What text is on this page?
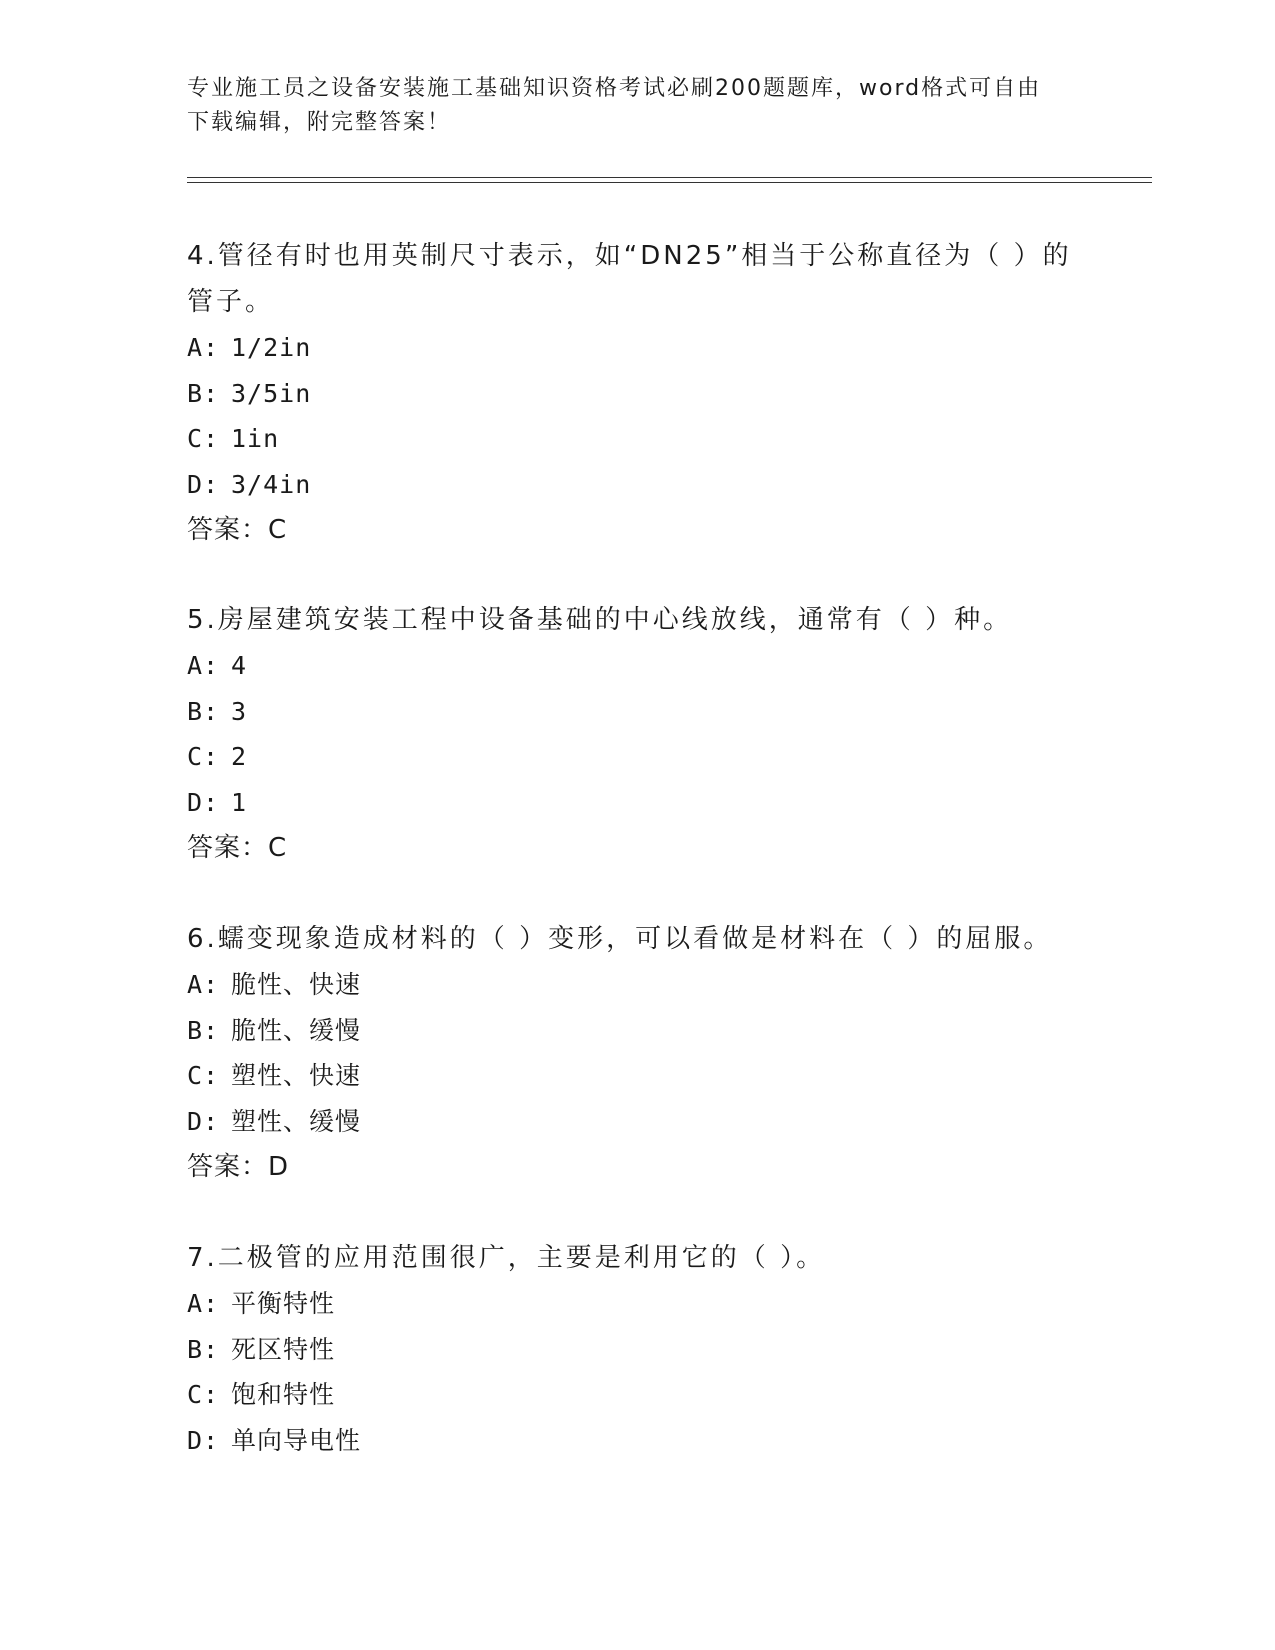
专业施工员之设备安装施工基础知识资格考试必刷200题题库，word格式可自由
下载编辑，附完整答案！
4.管径有时也用英制尺寸表示，如“DN25”相当于公称直径为（ ）的
管子。
A: 1/2in
B: 3/5in
C: 1in
D: 3/4in
答案：C
5.房屋建筑安装工程中设备基础的中心线放线，通常有（ ）种。
A: 4
B: 3
C: 2
D: 1
答案：C
6.蠕变现象造成材料的（ ）变形，可以看做是材料在（ ）的屈服。
A: 脆性、快速
B: 脆性、缓慢
C: 塑性、快速
D: 塑性、缓慢
答案：D
7.二极管的应用范围很广，主要是利用它的（ ）。
A: 平衡特性
B: 死区特性
C: 饱和特性
D: 单向导电性
